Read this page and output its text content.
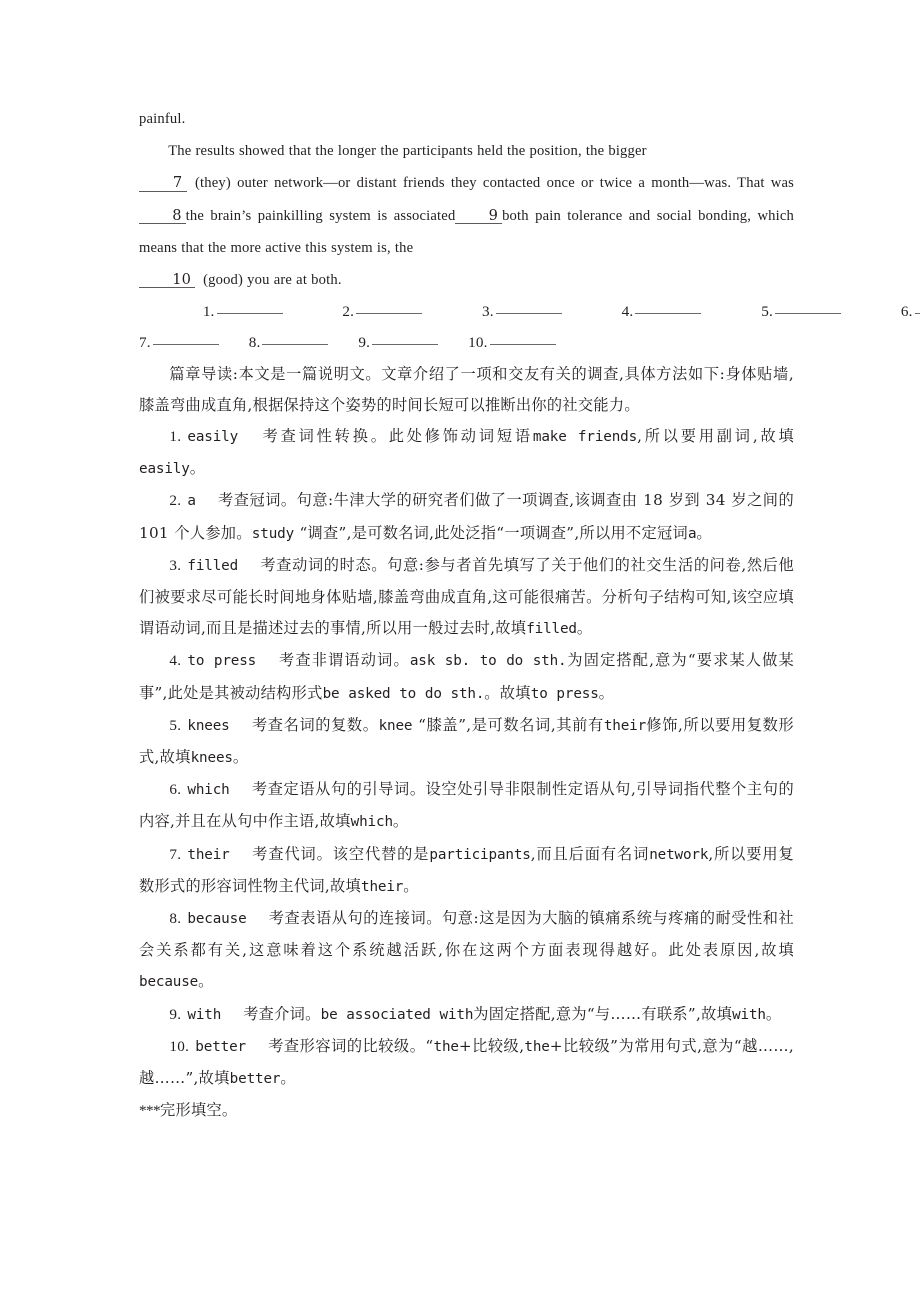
painful.

The results showed that the longer the participants held the position, the bigger
7 (they) outer network—or distant friends they contacted once or twice a month—was. That was8 the brain’s painkilling system is associated 9 both pain tolerance and social bonding, which means that the more active this system is, the
10 (good) you are at both.

1.	2.	3.	4.	5.	6.
7.	8.	9.	10.

篇章导读:本文是一篇说明文。文章介绍了一项和交友有关的调查,具体方法如下:身体贴墙,膝盖弯曲成直角,根据保持这个姿势的时间长短可以推断出你的社交能力。

1. easily 考查词性转换。此处修饰动词短语make friends,所以要用副词,故填easily。

2. a 考查冠词。句意:牛津大学的研究者们做了一项调查,该调查由 18 岁到 34 岁之间的 101 个人参加。study “调查”,是可数名词,此处泛指“一项调查”,所以用不定冠词a。

3. filled 考查动词的时态。句意:参与者首先填写了关于他们的社交生活的问卷,然后他们被要求尽可能长时间地身体贴墙,膝盖弯曲成直角,这可能很痛苦。分析句子结构可知,该空应填谓语动词,而且是描述过去的事情,所以用一般过去时,故填filled。

4. to press 考查非谓语动词。ask sb. to do sth.为固定搭配,意为“要求某人做某事”,此处是其被动结构形式be asked to do sth.。故填to press。

5. knees 考查名词的复数。knee “膝盖”,是可数名词,其前有their修饰,所以要用复数形式,故填knees。

6. which 考查定语从句的引导词。设空处引导非限制性定语从句,引导词指代整个主句的内容,并且在从句中作主语,故填which。

7. their 考查代词。该空代替的是participants,而且后面有名词network,所以要用复数形式的形容词性物主代词,故填their。

8. because 考查表语从句的连接词。句意:这是因为大脑的镇痛系统与疼痛的耐受性和社会关系都有关,这意味着这个系统越活跃,你在这两个方面表现得越好。此处表原因,故填because。

9. with 考查介词。be associated with为固定搭配,意为“与……有联系”,故填with。

10. better 考查形容词的比较级。“the+比较级,the+比较级”为常用句式,意为“越……,越……”,故填better。

***完形填空。
